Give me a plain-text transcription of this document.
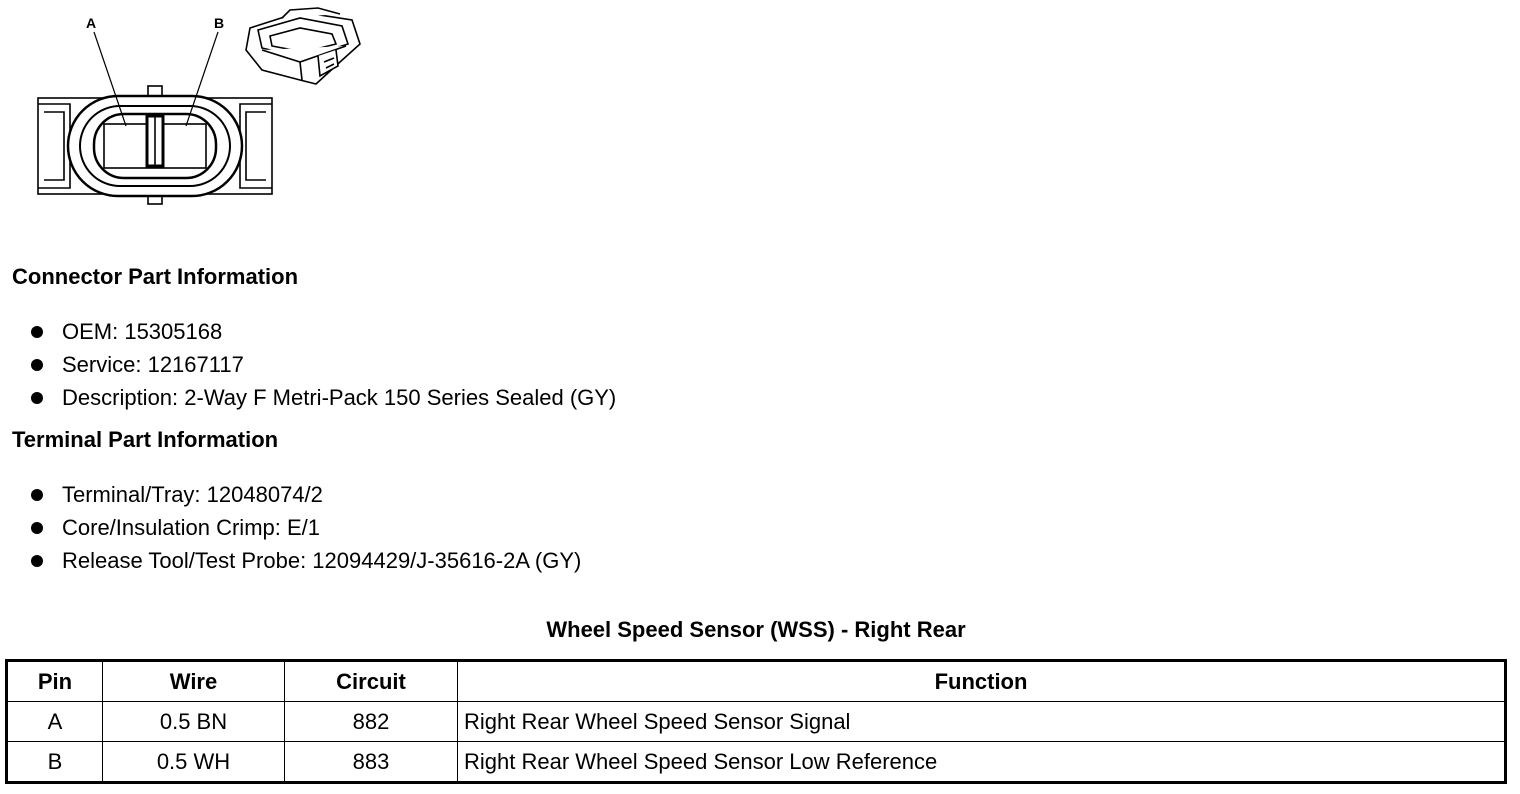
A	B
Connector Part Information
OEM: 15305168
Service: 12167117
Description: 2-Way F Metri-Pack 150 Series Sealed (GY)
Terminal Part Information
Terminal/Tray: 12048074/2
Core/Insulation Crimp: E/1
Release Tool/Test Probe: 12094429/J-35616-2A (GY)
Wheel Speed Sensor (WSS) - Right Rear
Pin	Wire	Circuit	Function
A	0.5 BN	882	Right Rear Wheel Speed Sensor Signal
B	0.5 WH	883	Right Rear Wheel Speed Sensor Low Reference
